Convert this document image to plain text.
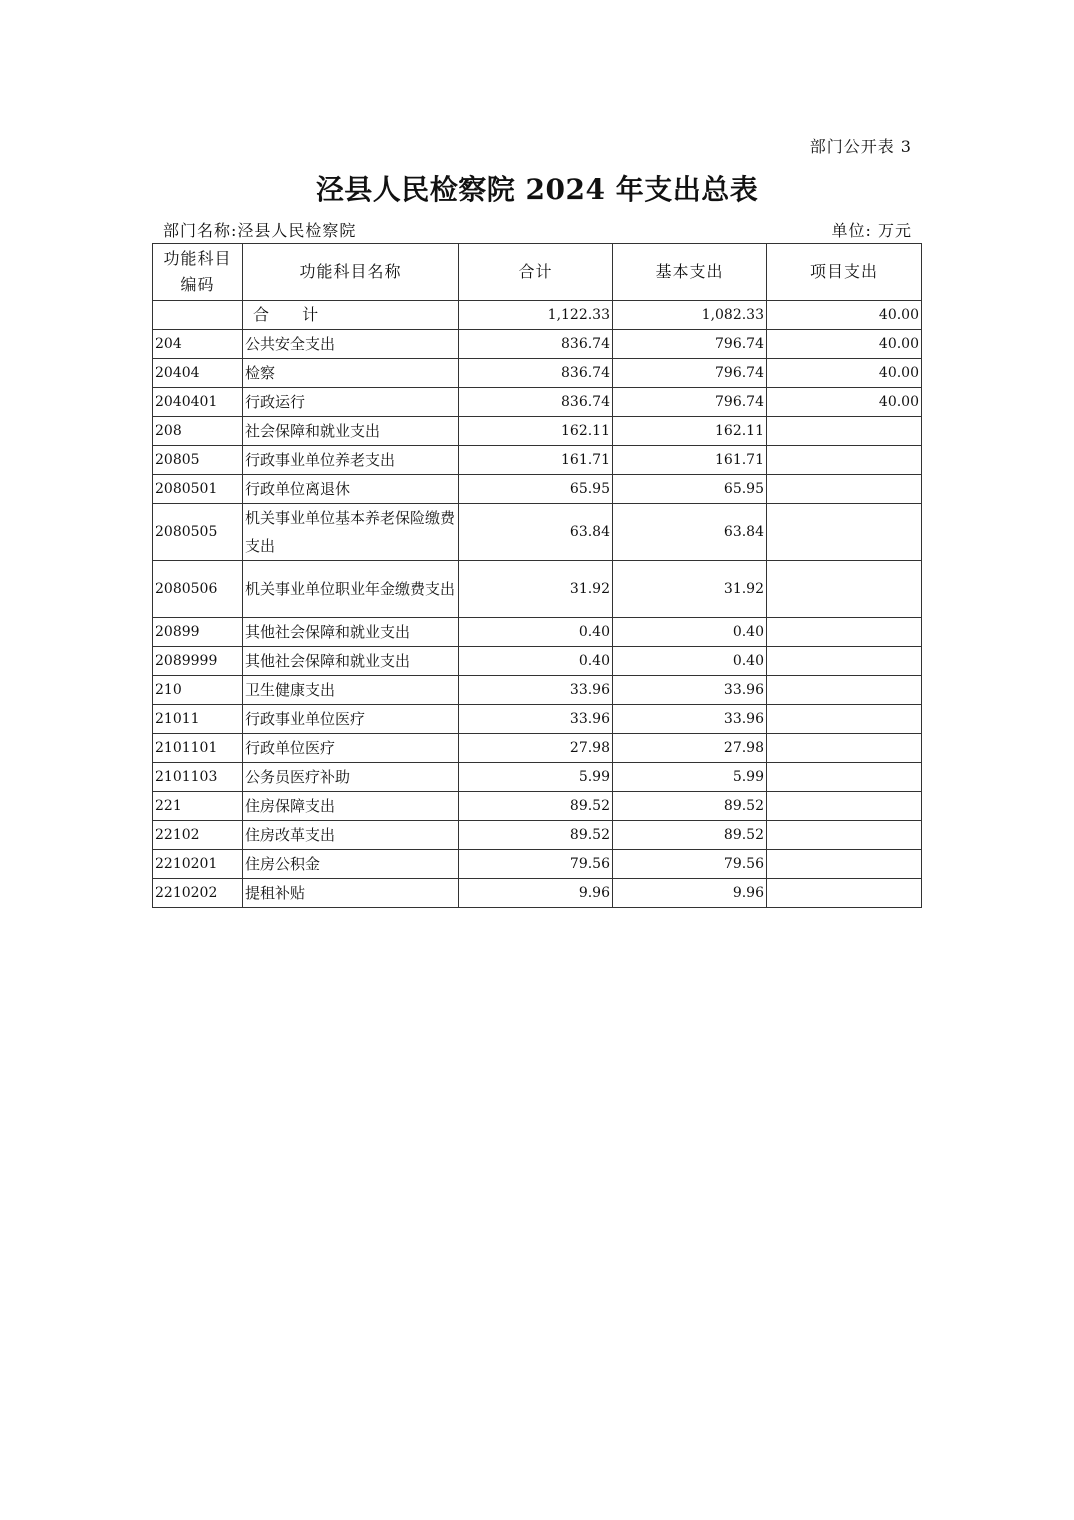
部门公开表 3
泾县人民检察院 2024 年支出总表
部门名称:泾县人民检察院	单位: 万元
功能科目编码	功能科目名称	合计	基本支出	项目支出
	合 计	1,122.33	1,082.33	40.00
204	公共安全支出	836.74	796.74	40.00
20404	检察	836.74	796.74	40.00
2040401	行政运行	836.74	796.74	40.00
208	社会保障和就业支出	162.11	162.11	
20805	行政事业单位养老支出	161.71	161.71	
2080501	行政单位离退休	65.95	65.95	
2080505	机关事业单位基本养老保险缴费支出	63.84	63.84	
2080506	机关事业单位职业年金缴费支出	31.92	31.92	
20899	其他社会保障和就业支出	0.40	0.40	
2089999	其他社会保障和就业支出	0.40	0.40	
210	卫生健康支出	33.96	33.96	
21011	行政事业单位医疗	33.96	33.96	
2101101	行政单位医疗	27.98	27.98	
2101103	公务员医疗补助	5.99	5.99	
221	住房保障支出	89.52	89.52	
22102	住房改革支出	89.52	89.52	
2210201	住房公积金	79.56	79.56	
2210202	提租补贴	9.96	9.96	
